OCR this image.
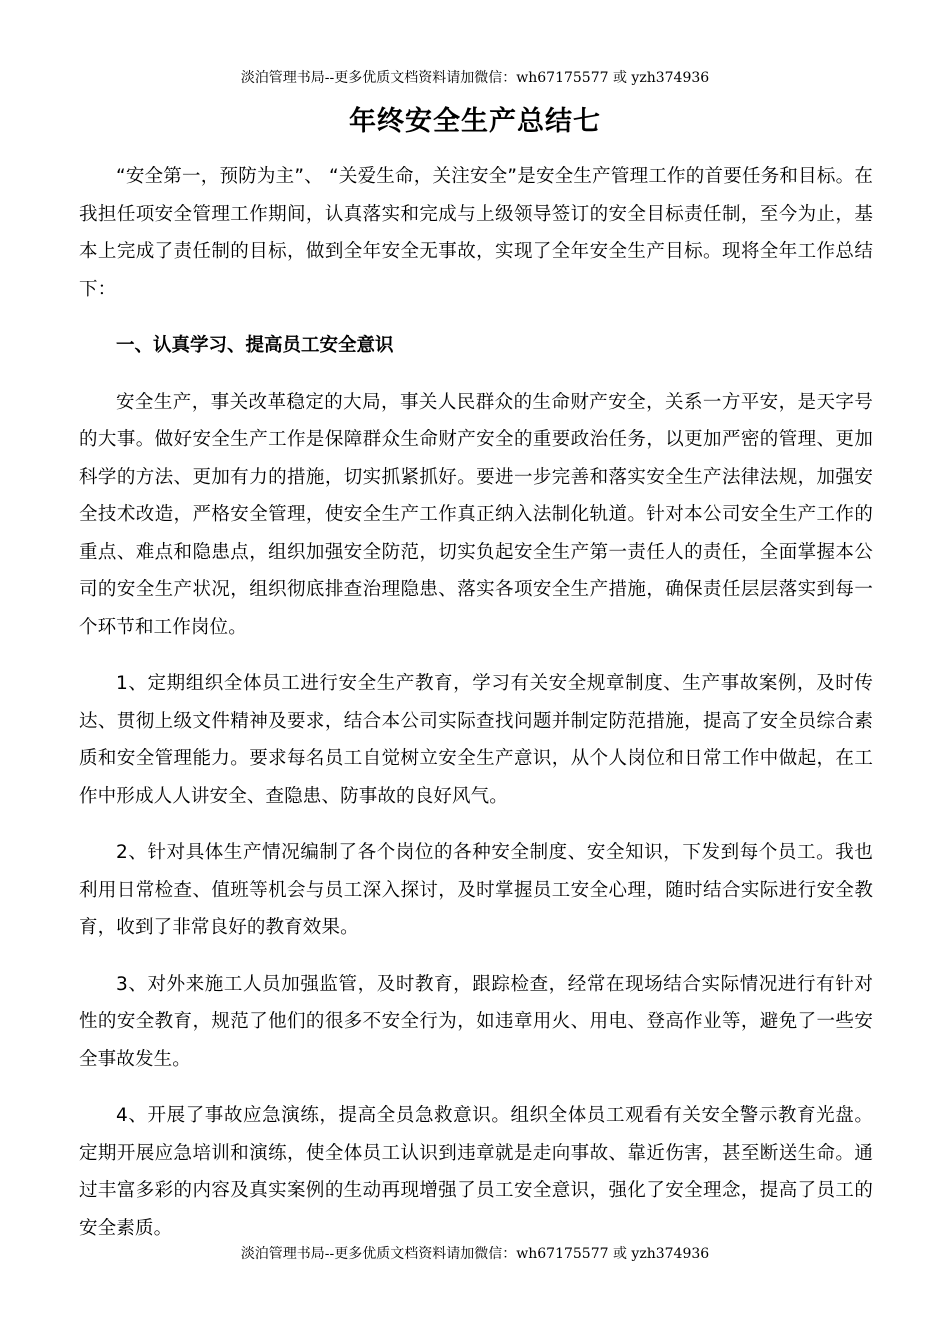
淡泊管理书局--更多优质文档资料请加微信：wh67175577 或 yzh374936
年终安全生产总结七

“安全第一，预防为主”、 “关爱生命，关注安全”是安全生产管理工作的首要任务和目标。在我担任项安全管理工作期间，认真落实和完成与上级领导签订的安全目标责任制，至今为止，基本上完成了责任制的目标，做到全年安全无事故，实现了全年安全生产目标。现将全年工作总结下：

一、认真学习、提高员工安全意识

安全生产，事关改革稳定的大局，事关人民群众的生命财产安全，关系一方平安，是天字号的大事。做好安全生产工作是保障群众生命财产安全的重要政治任务，以更加严密的管理、更加科学的方法、更加有力的措施，切实抓紧抓好。要进一步完善和落实安全生产法律法规，加强安全技术改造，严格安全管理，使安全生产工作真正纳入法制化轨道。针对本公司安全生产工作的重点、难点和隐患点，组织加强安全防范，切实负起安全生产第一责任人的责任，全面掌握本公司的安全生产状况，组织彻底排查治理隐患、落实各项安全生产措施，确保责任层层落实到每一个环节和工作岗位。

1、定期组织全体员工进行安全生产教育，学习有关安全规章制度、生产事故案例，及时传达、贯彻上级文件精神及要求，结合本公司实际查找问题并制定防范措施，提高了安全员综合素质和安全管理能力。要求每名员工自觉树立安全生产意识，从个人岗位和日常工作中做起，在工作中形成人人讲安全、查隐患、防事故的良好风气。

2、针对具体生产情况编制了各个岗位的各种安全制度、安全知识，下发到每个员工。我也利用日常检查、值班等机会与员工深入探讨，及时掌握员工安全心理，随时结合实际进行安全教育，收到了非常良好的教育效果。

3、对外来施工人员加强监管，及时教育，跟踪检查，经常在现场结合实际情况进行有针对性的安全教育，规范了他们的很多不安全行为，如违章用火、用电、登高作业等，避免了一些安全事故发生。

4、开展了事故应急演练，提高全员急救意识。组织全体员工观看有关安全警示教育光盘。定期开展应急培训和演练，使全体员工认识到违章就是走向事故、靠近伤害，甚至断送生命。通过丰富多彩的内容及真实案例的生动再现增强了员工安全意识，强化了安全理念，提高了员工的安全素质。

淡泊管理书局--更多优质文档资料请加微信：wh67175577 或 yzh374936
